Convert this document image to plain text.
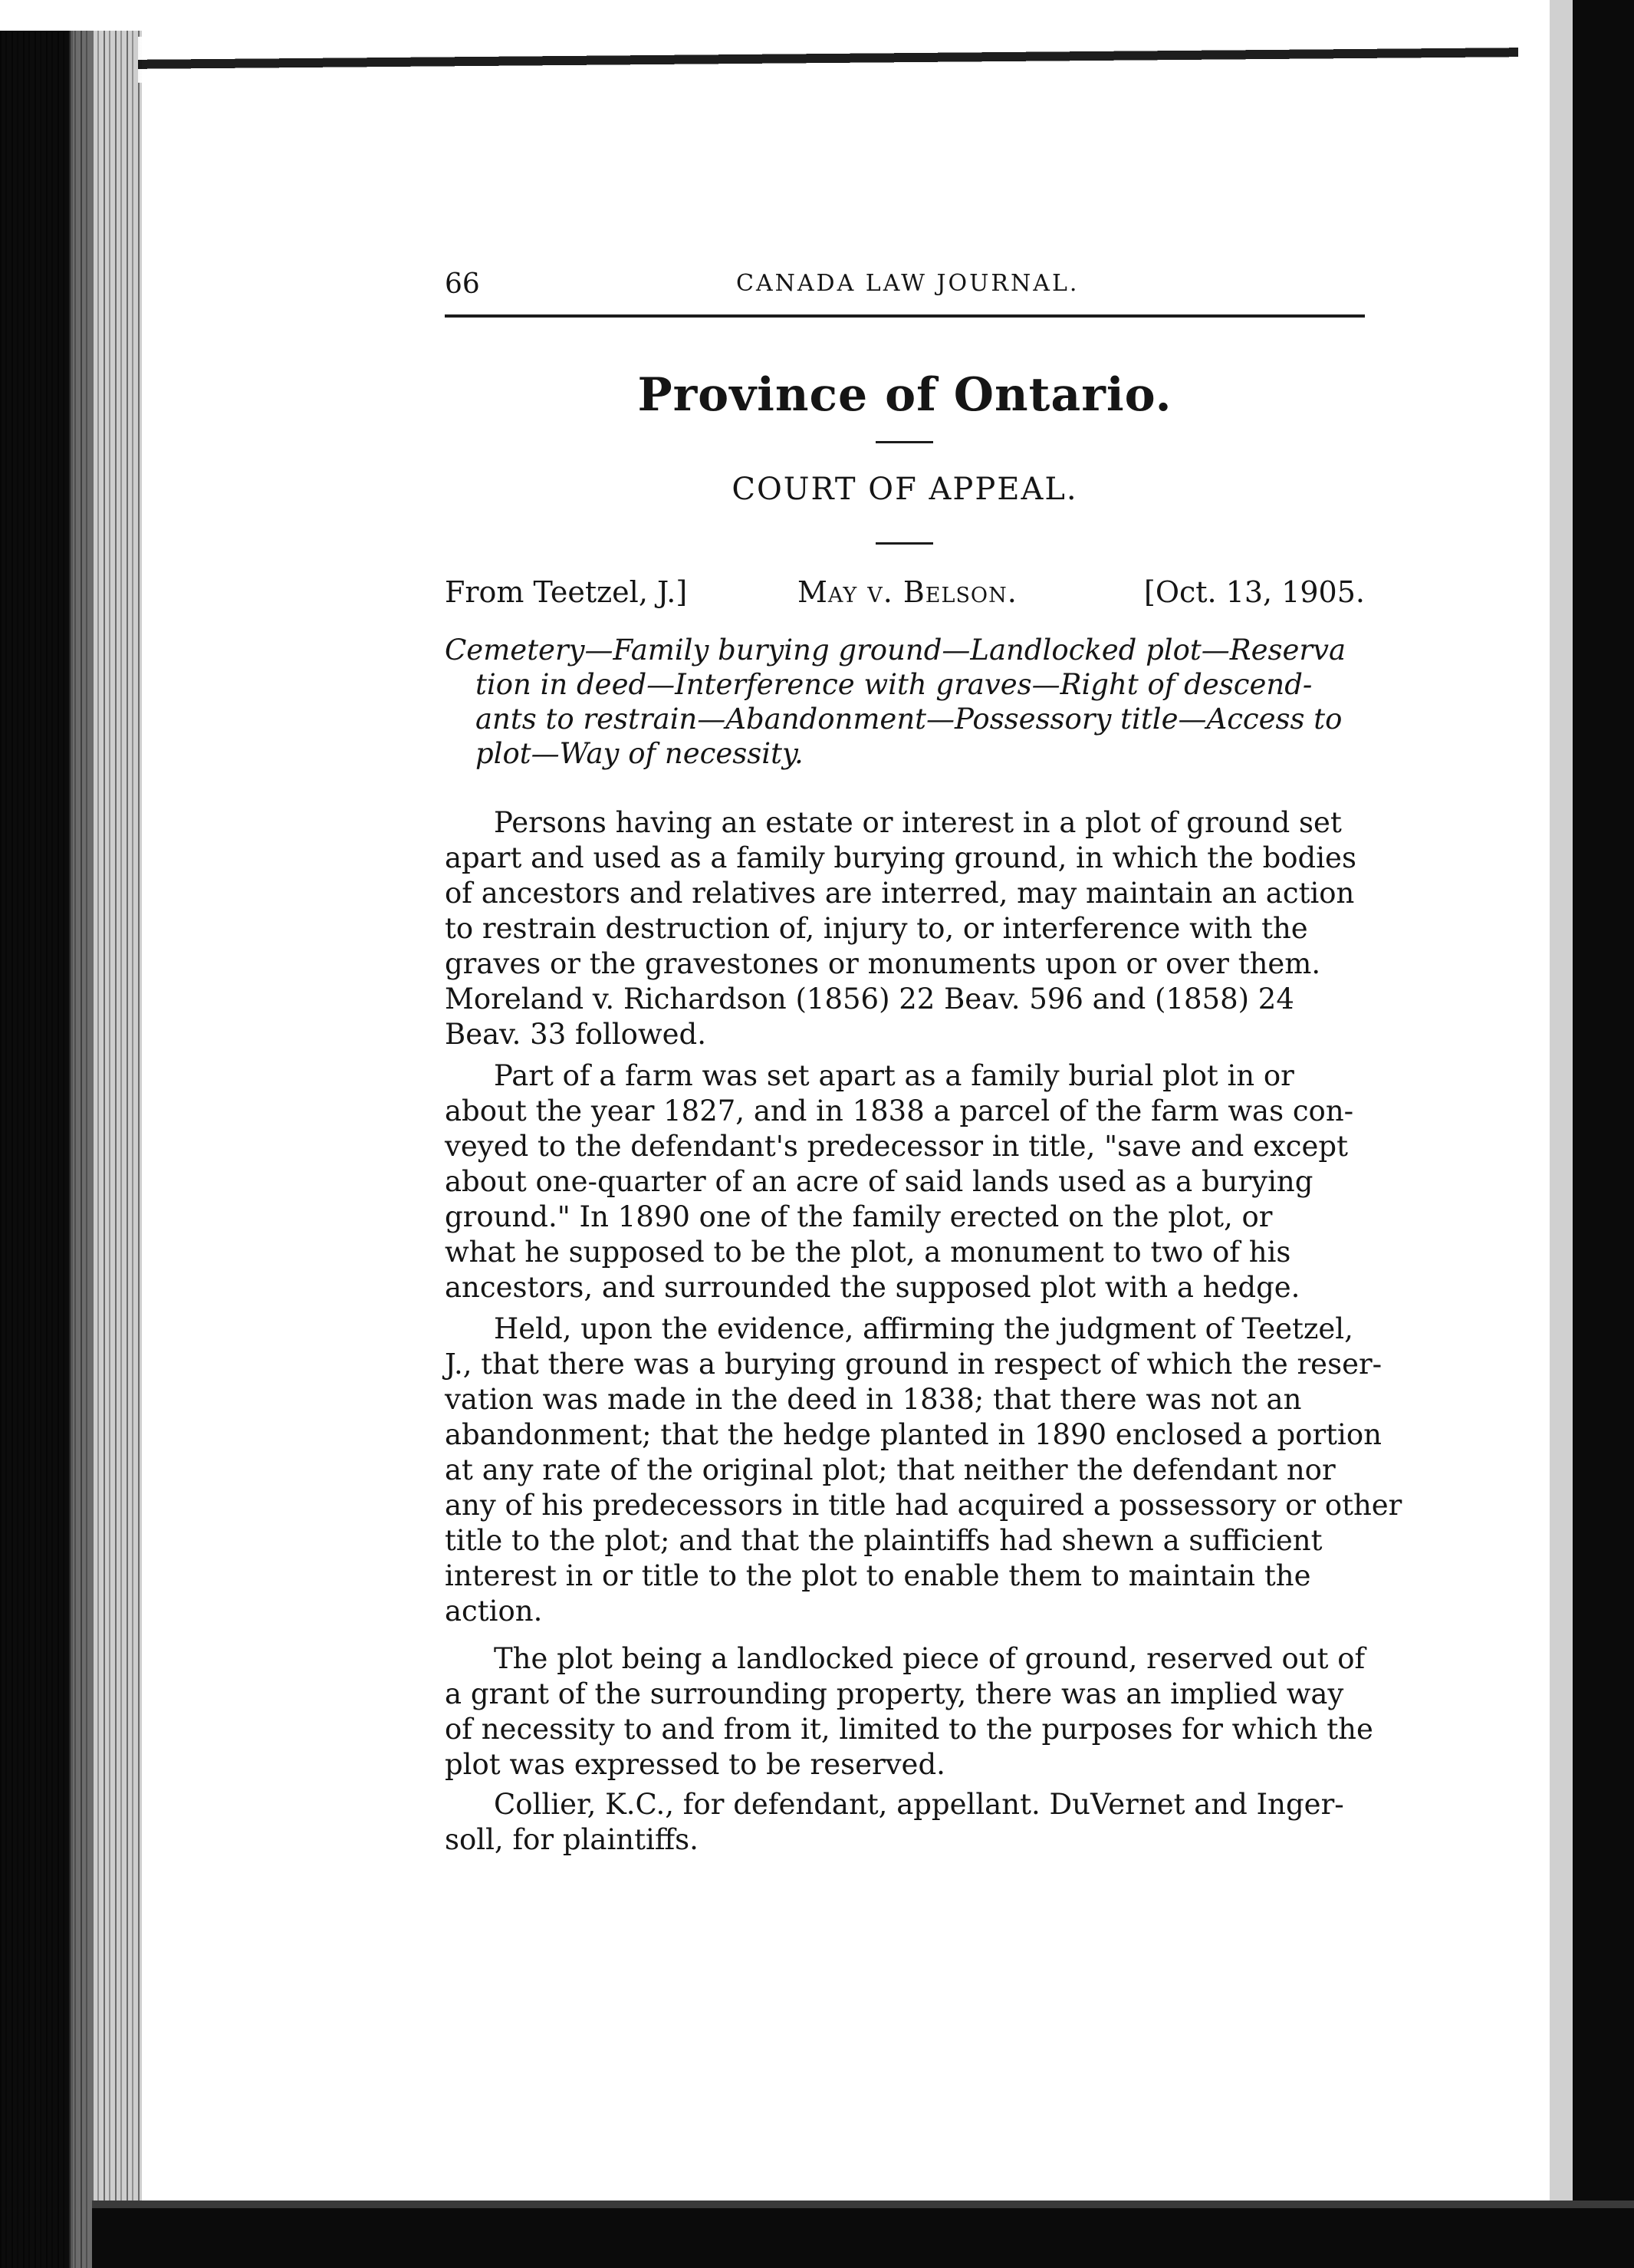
66	CANADA LAW JOURNAL.
Province of Ontario.
COURT OF APPEAL.
From Teetzel, J.]	May v. Belson.	[Oct. 13, 1905.
Cemetery—Family burying ground—Landlocked plot—Reserva
tion in deed—Interference with graves—Right of descend-
ants to restrain—Abandonment—Possessory title—Access to
plot—Way of necessity.
Persons having an estate or interest in a plot of ground set
apart and used as a family burying ground, in which the bodies
of ancestors and relatives are interred, may maintain an action
to restrain destruction of, injury to, or interference with the
graves or the gravestones or monuments upon or over them.
Moreland v. Richardson (1856) 22 Beav. 596 and (1858) 24
Beav. 33 followed.
Part of a farm was set apart as a family burial plot in or
about the year 1827, and in 1838 a parcel of the farm was con-
veyed to the defendant's predecessor in title, "save and except
about one-quarter of an acre of said lands used as a burying
ground." In 1890 one of the family erected on the plot, or
what he supposed to be the plot, a monument to two of his
ancestors, and surrounded the supposed plot with a hedge.
Held, upon the evidence, affirming the judgment of Teetzel,
J., that there was a burying ground in respect of which the reser-
vation was made in the deed in 1838; that there was not an
abandonment; that the hedge planted in 1890 enclosed a portion
at any rate of the original plot; that neither the defendant nor
any of his predecessors in title had acquired a possessory or other
title to the plot; and that the plaintiffs had shewn a sufficient
interest in or title to the plot to enable them to maintain the
action.
The plot being a landlocked piece of ground, reserved out of
a grant of the surrounding property, there was an implied way
of necessity to and from it, limited to the purposes for which the
plot was expressed to be reserved.
Collier, K.C., for defendant, appellant. DuVernet and Inger-
soll, for plaintiffs.
